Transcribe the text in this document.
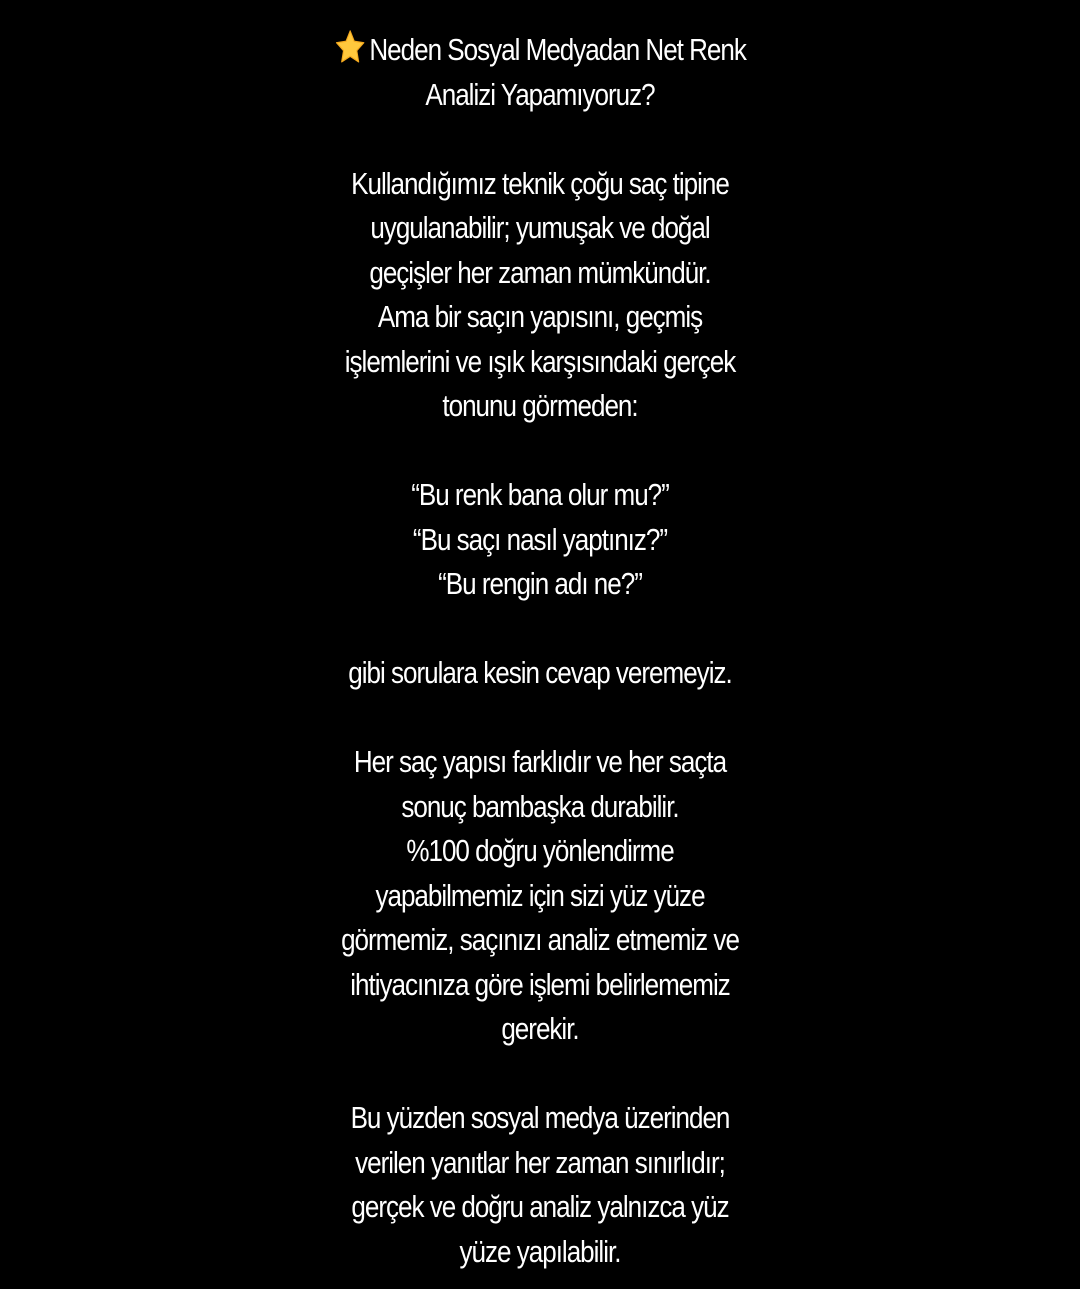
Neden Sosyal Medyadan Net Renk
Analizi Yapamıyoruz?
Kullandığımız teknik çoğu saç tipine
uygulanabilir; yumuşak ve doğal
geçişler her zaman mümkündür.
Ama bir saçın yapısını, geçmiş
işlemlerini ve ışık karşısındaki gerçek
tonunu görmeden:
“Bu renk bana olur mu?”
“Bu saçı nasıl yaptınız?”
“Bu rengin adı ne?”
gibi sorulara kesin cevap veremeyiz.
Her saç yapısı farklıdır ve her saçta
sonuç bambaşka durabilir.
%100 doğru yönlendirme
yapabilmemiz için sizi yüz yüze
görmemiz, saçınızı analiz etmemiz ve
ihtiyacınıza göre işlemi belirlememiz
gerekir.
Bu yüzden sosyal medya üzerinden
verilen yanıtlar her zaman sınırlıdır;
gerçek ve doğru analiz yalnızca yüz
yüze yapılabilir.
